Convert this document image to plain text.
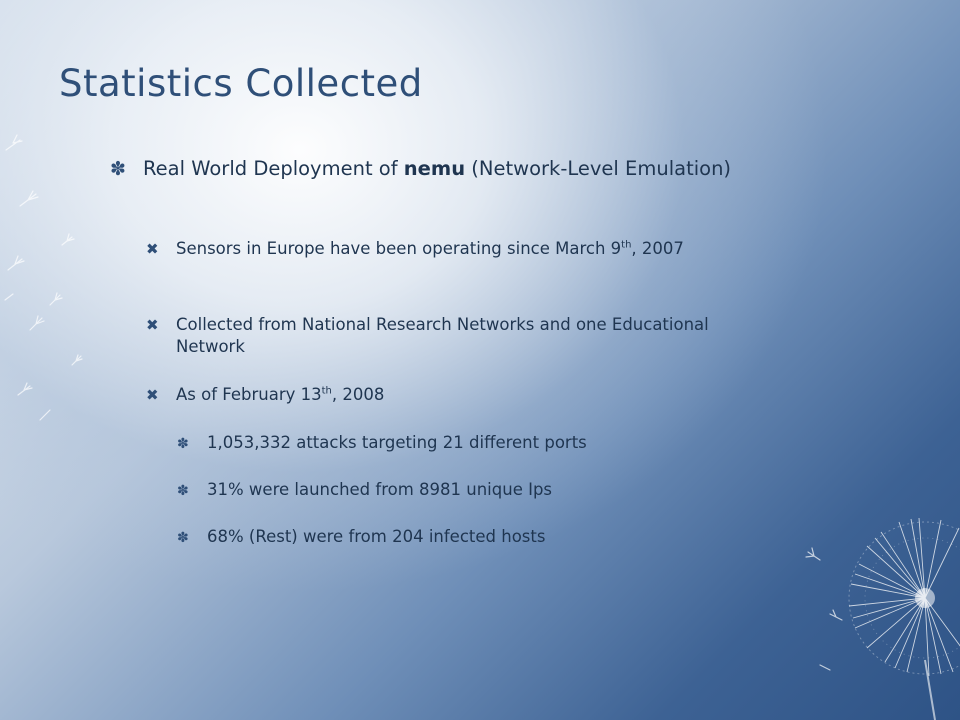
Statistics Collected
✽ Real World Deployment of nemu (Network-Level Emulation)
✖ Sensors in Europe have been operating since March 9th, 2007
✖ Collected from National Research Networks and one Educational Network
✖ As of February 13th, 2008
✽ 1,053,332 attacks targeting 21 different ports
✽ 31% were launched from 8981 unique Ips
✽ 68% (Rest) were from 204 infected hosts
